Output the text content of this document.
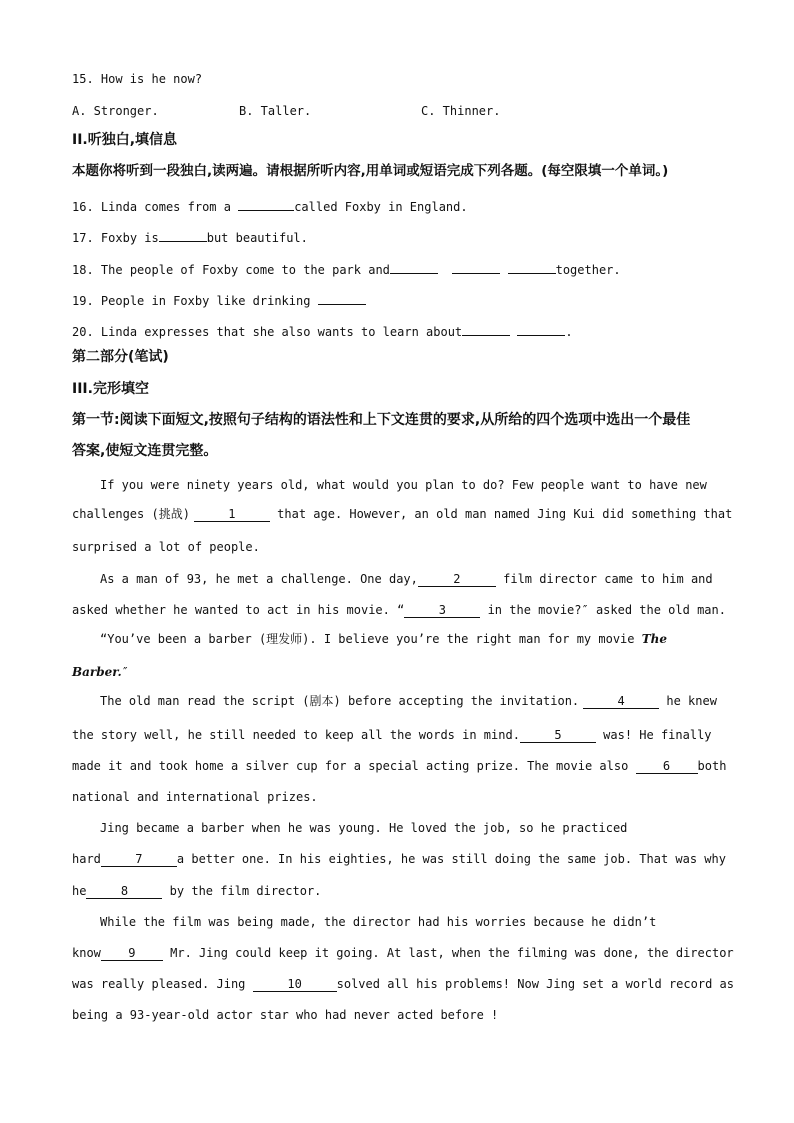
15. How is he now?
A. Stronger.	B. Taller.	C. Thinner.
II.听独白,填信息
本题你将听到一段独白,读两遍。请根据所听内容,用单词或短语完成下列各题。(每空限填一个单词。)
16. Linda comes from a	called Foxby in England.
17. Foxby is	but beautiful.
18. The people of Foxby come to the park and	together.
19. People in Foxby like drinking
20. Linda expresses that she also wants to learn about	.
第二部分(笔试)
III.完形填空
第一节:阅读下面短文,按照句子结构的语法性和上下文连贯的要求,从所给的四个选项中选出一个最佳
答案,使短文连贯完整。
If you were ninety years old, what would you plan to do? Few people want to have new
challenges (挑战)	1	that age. However, an old man named Jing Kui did something that
surprised a lot of people.
As a man of 93, he met a challenge. One day,	2	film director came to him and
asked whether he wanted to act in his movie. “	3	in the movie?″ asked the old man.
“You’ve been a barber (理发师). I believe you’re the right man for my movie The
Barber.″
The old man read the script (剧本) before accepting the invitation.	4	he knew
the story well, he still needed to keep all the words in mind.	5	was! He finally
made it and took home a silver cup for a special acting prize. The movie also 6 both
national and international prizes.
Jing became a barber when he was young. He loved the job, so he practiced
hard	7	a better one. In his eighties, he was still doing the same job. That was why
he	8	by the film director.
While the film was being made, the director had his worries because he didn’t
know 9 Mr. Jing could keep it going. At last, when the filming was done, the director
was really pleased. Jing	10	solved all his problems! Now Jing set a world record as
being a 93-year-old actor star who had never acted before !
